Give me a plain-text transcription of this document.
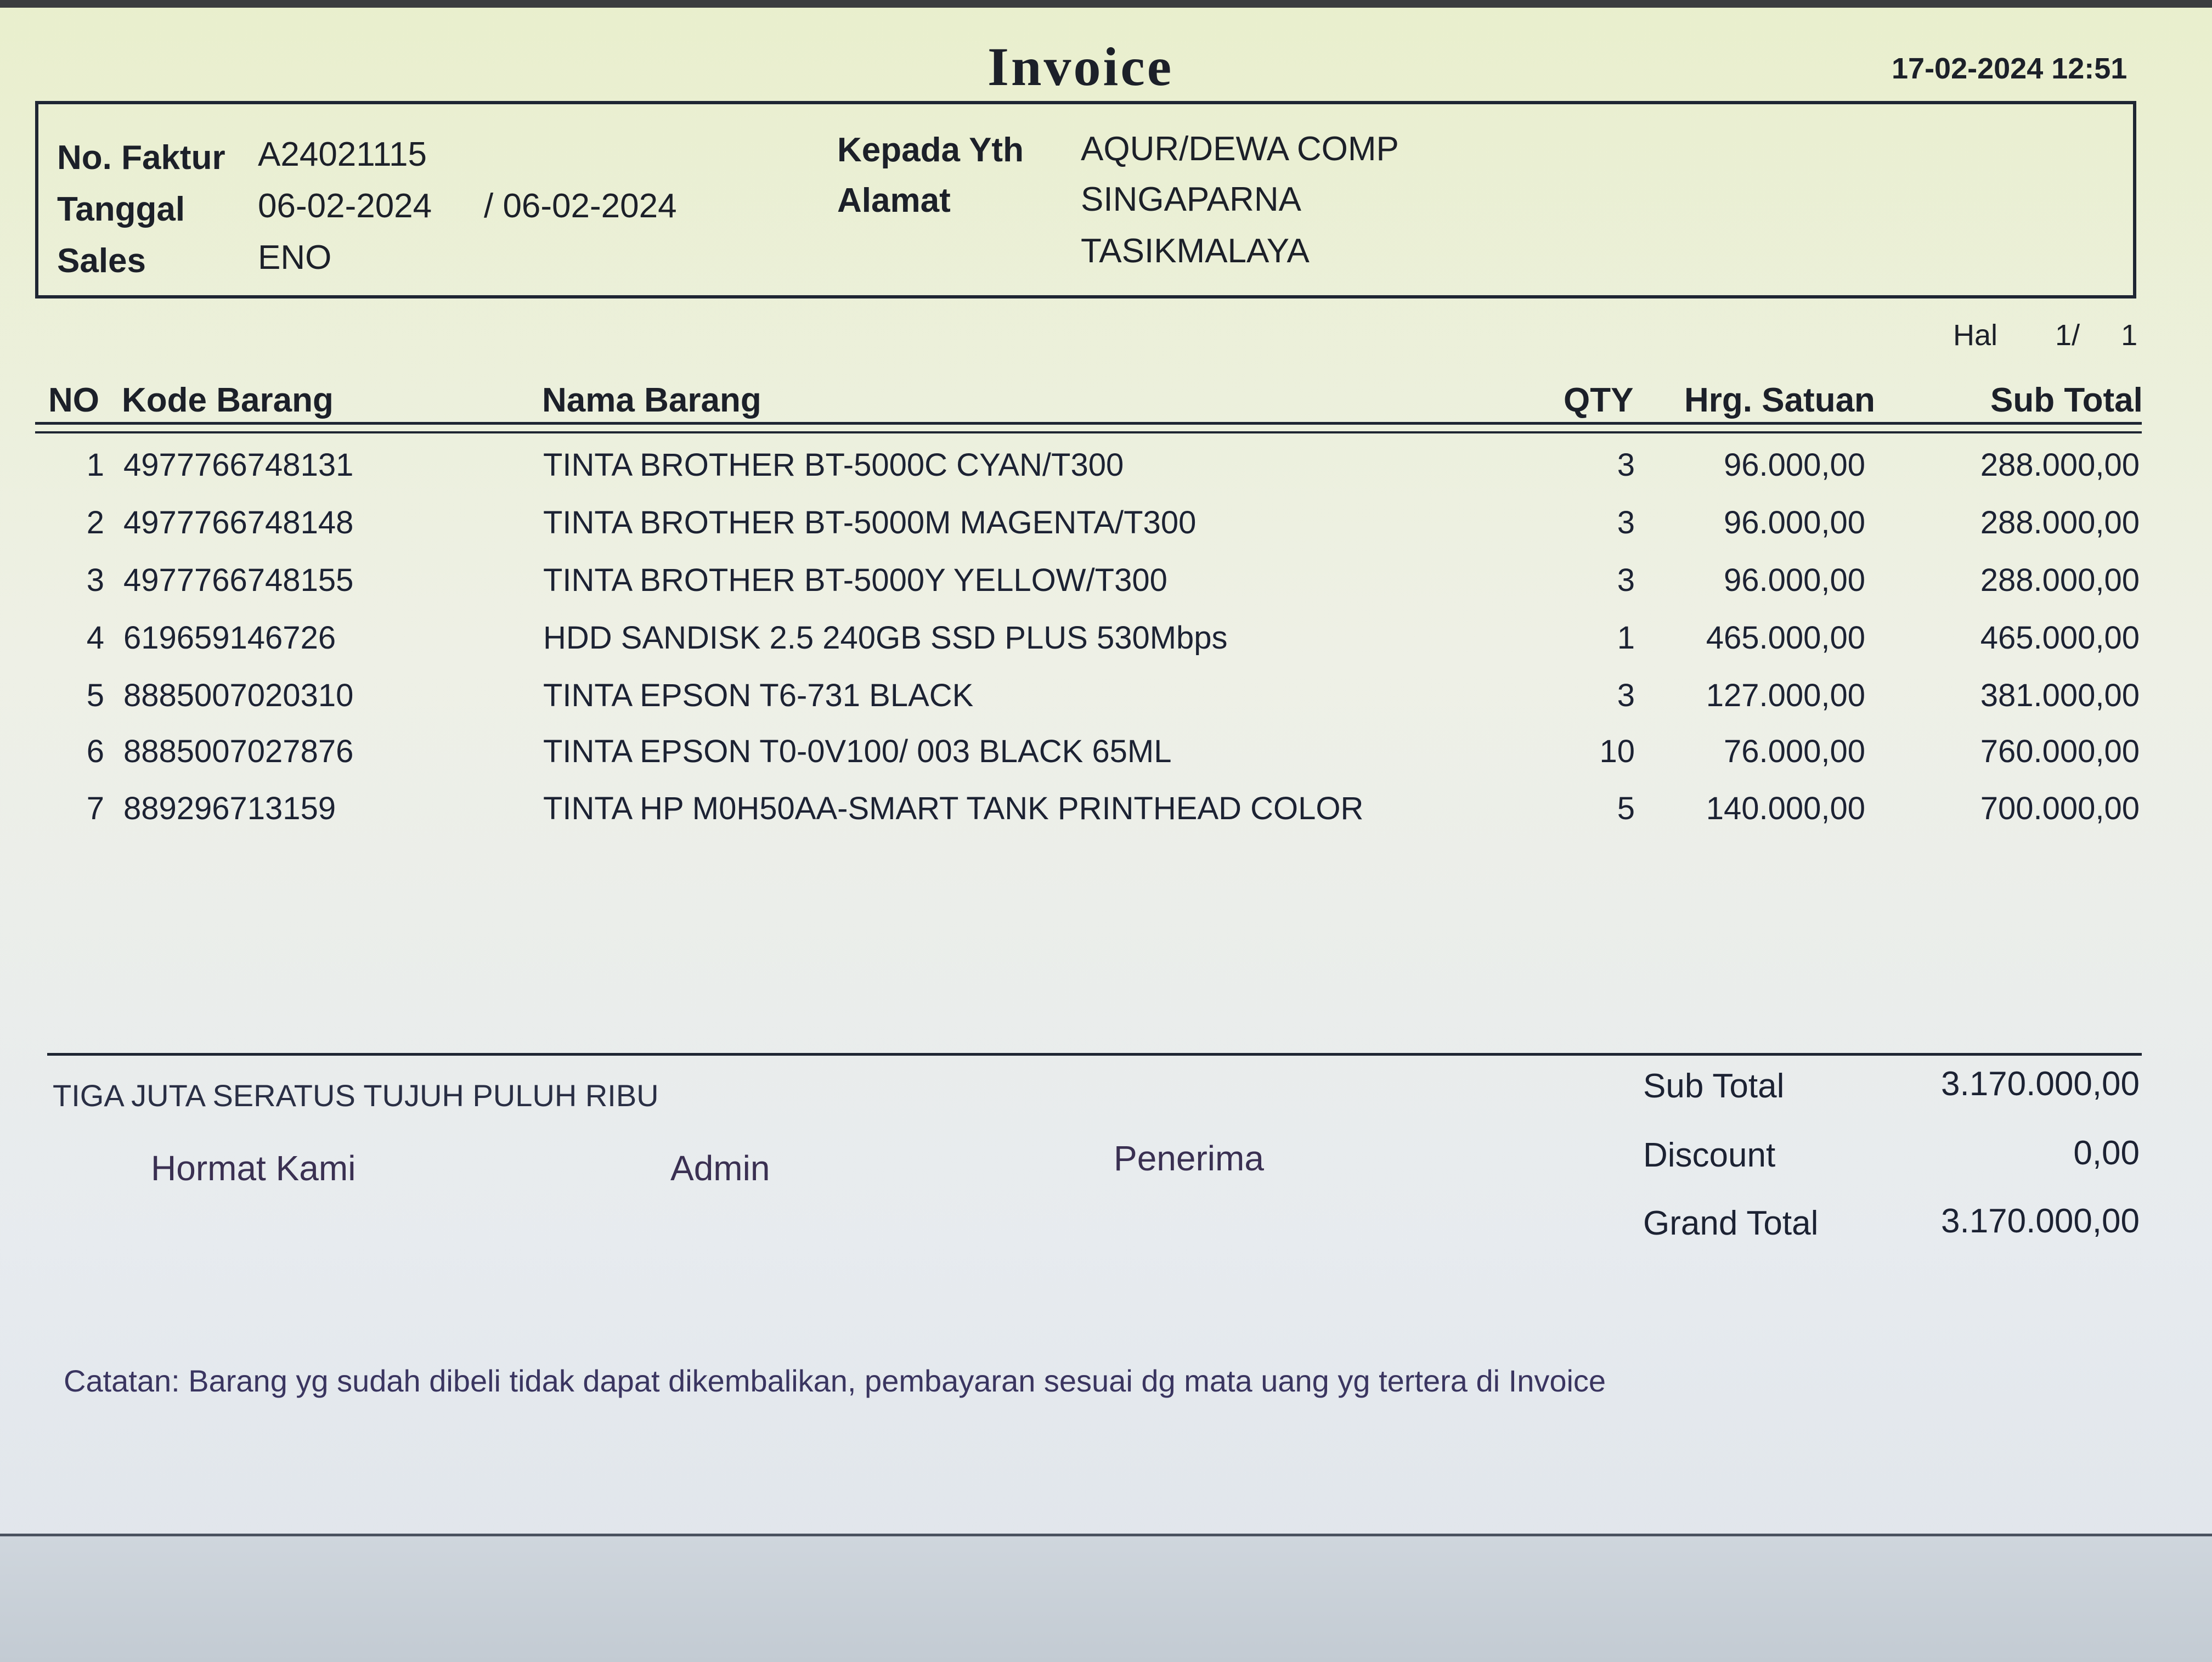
Invoice	17-02-2024 12:51
No. Faktur A24021115
Tanggal 06-02-2024 / 06-02-2024
Sales	ENO
Kepada Yth AQUR/DEWA COMP
Alamat	SINGAPARNA
TASIKMALAYA
Hal 1/ 1
NO Kode Barang	Nama Barang	QTY Hrg. Satuan	Sub Total
1 4977766748131	TINTA BROTHER BT-5000C CYAN/T300	3	96.000,00	288.000,00
2 4977766748148	TINTA BROTHER BT-5000M MAGENTA/T300	3	96.000,00	288.000,00
3 4977766748155	TINTA BROTHER BT-5000Y YELLOW/T300	3	96.000,00	288.000,00
4 619659146726	HDD SANDISK 2.5 240GB SSD PLUS 530Mbps	1	465.000,00	465.000,00
5 8885007020310	TINTA EPSON T6-731 BLACK	3	127.000,00	381.000,00
6 8885007027876	TINTA EPSON T0-0V100/ 003 BLACK 65ML	10	76.000,00	760.000,00
7 889296713159	TINTA HP M0H50AA-SMART TANK PRINTHEAD COLOR	5	140.000,00	700.000,00
TIGA JUTA SERATUS TUJUH PULUH RIBU
Hormat Kami	Admin	Penerima
Sub Total	3.170.000,00
Discount	0,00
Grand Total	3.170.000,00
Catatan: Barang yg sudah dibeli tidak dapat dikembalikan, pembayaran sesuai dg mata uang yg tertera di Invoice
